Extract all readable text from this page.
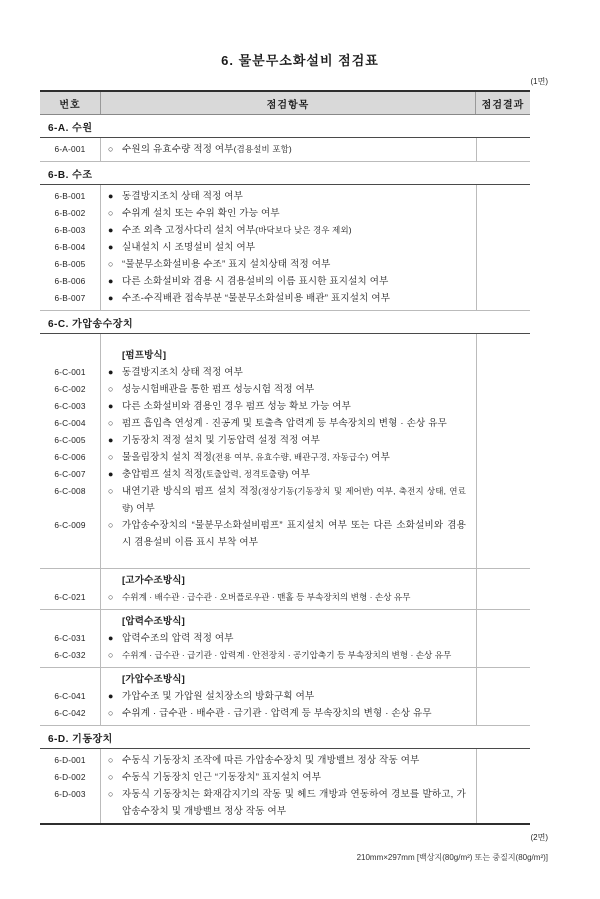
6. 물분무소화설비 점검표
(1면)
번호	점검항목	점검결과
6-A. 수원
6-A-001	○ 수원의 유효수량 적정 여부(겸용설비 포함)
6-B. 수조
6-B-001	● 동결방지조치 상태 적정 여부
6-B-002	○ 수위계 설치 또는 수위 확인 가능 여부
6-B-003	● 수조 외측 고정사다리 설치 여부(바닥보다 낮은 경우 제외)
6-B-004	● 실내설치 시 조명설비 설치 여부
6-B-005	○ “물분무소화설비용 수조” 표지 설치상태 적정 여부
6-B-006	● 다른 소화설비와 겸용 시 겸용설비의 이름 표시한 표지설치 여부
6-B-007	● 수조-수직배관 접속부분 “물분무소화설비용 배관” 표지설치 여부
6-C. 가압송수장치
[펌프방식]
6-C-001	● 동결방지조치 상태 적정 여부
6-C-002	○ 성능시험배관을 통한 펌프 성능시험 적정 여부
6-C-003	● 다른 소화설비와 겸용인 경우 펌프 성능 확보 가능 여부
6-C-004	○ 펌프 흡입측 연성계 · 진공계 및 토출측 압력계 등 부속장치의 변형 · 손상 유무
6-C-005	● 기동장치 적정 설치 및 기동압력 설정 적정 여부
6-C-006	○ 물올림장치 설치 적정(전용 여부, 유효수량, 배관구경, 자동급수) 여부
6-C-007	● 충압펌프 설치 적정(토출압력, 정격토출량) 여부
6-C-008	○ 내연기관 방식의 펌프 설치 적정(정상기동(기동장치 및 제어반) 여부, 축전지 상태, 연료량) 여부
6-C-009	○ 가압송수장치의 “물분무소화설비펌프” 표지설치 여부 또는 다른 소화설비와 겸용 시 겸용설비 이름 표시 부착 여부
[고가수조방식]
6-C-021	○ 수위계 · 배수관 · 급수관 · 오버플로우관 · 맨홀 등 부속장치의 변형 · 손상 유무
[압력수조방식]
6-C-031	● 압력수조의 압력 적정 여부
6-C-032	○ 수위계 · 급수관 · 급기관 · 압력계 · 안전장치 · 공기압축기 등 부속장치의 변형 · 손상 유무
[가압수조방식]
6-C-041	● 가압수조 및 가압원 설치장소의 방화구획 여부
6-C-042	○ 수위계 · 급수관 · 배수관 · 급기관 · 압력계 등 부속장치의 변형 · 손상 유무
6-D. 기동장치
6-D-001	○ 수동식 기동장치 조작에 따른 가압송수장치 및 개방밸브 정상 작동 여부
6-D-002	○ 수동식 기동장치 인근 “기동장치” 표지설치 여부
6-D-003	○ 자동식 기동장치는 화재감지기의 작동 및 헤드 개방과 연동하여 경보를 발하고, 가압송수장치 및 개방밸브 정상 작동 여부
(2면)
210mm×297mm [백상지(80g/m²) 또는 중질지(80g/m²)]
